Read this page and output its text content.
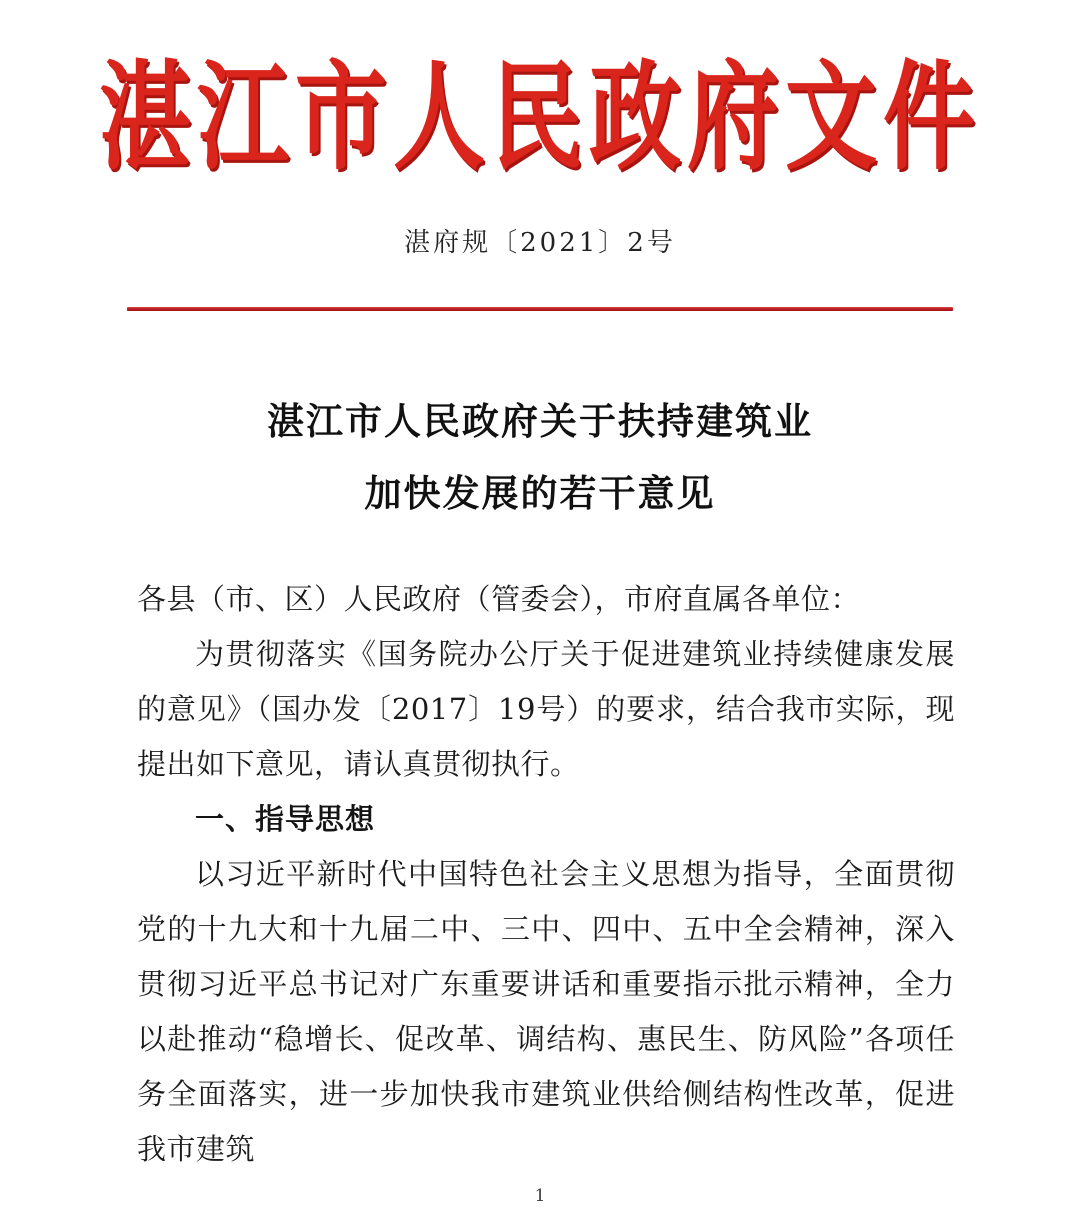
湛江市人民政府文件
湛府规〔2021〕2号
湛江市人民政府关于扶持建筑业
加快发展的若干意见

各县（市、区）人民政府（管委会），市府直属各单位：

为贯彻落实《国务院办公厅关于促进建筑业持续健康发展的意见》（国办发〔2017〕19号）的要求，结合我市实际，现提出如下意见，请认真贯彻执行。

一、指导思想

以习近平新时代中国特色社会主义思想为指导，全面贯彻党的十九大和十九届二中、三中、四中、五中全会精神，深入贯彻习近平总书记对广东重要讲话和重要指示批示精神，全力以赴推动“稳增长、促改革、调结构、惠民生、防风险”各项任务全面落实，进一步加快我市建筑业供给侧结构性改革，促进我市建筑

1
